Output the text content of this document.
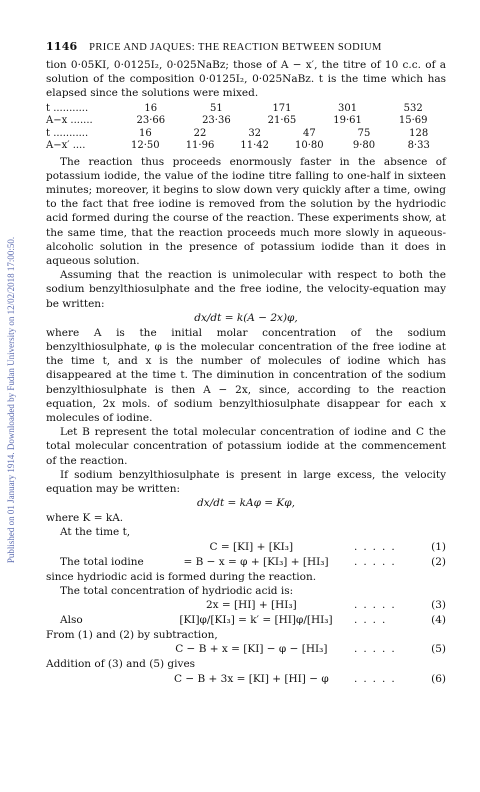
Published on 01 January 1914. Downloaded by Fudan University on 12/02/2018 17:00:50.
1146 PRICE AND JAQUES: THE REACTION BETWEEN SODIUM

tion 0·05KI, 0·0125I₂, 0·025NaBz; those of A − x′, the titre of 10 c.c. of a solution of the composition 0·0125I₂, 0·025NaBz. t is the time which has elapsed since the solutions were mixed.

t ...........	16	51	171	301	532
A−x .......	23·66	23·36	21·65	19·61	15·69
t ...........	16	22	32	47	75	128
A−x′ ....	12·50	11·96	11·42	10·80	9·80	8·33

The reaction thus proceeds enormously faster in the absence of potassium iodide, the value of the iodine titre falling to one-half in sixteen minutes; moreover, it begins to slow down very quickly after a time, owing to the fact that free iodine is removed from the solution by the hydriodic acid formed during the course of the reaction. These experiments show, at the same time, that the reaction proceeds much more slowly in aqueous-alcoholic solution in the presence of potassium iodide than it does in aqueous solution.

Assuming that the reaction is unimolecular with respect to both the sodium benzylthiosulphate and the free iodine, the velocity-equation may be written:

dx/dt = k(A − 2x)φ,

where A is the initial molar concentration of the sodium benzylthiosulphate, φ is the molecular concentration of the free iodine at the time t, and x is the number of molecules of iodine which has disappeared at the time t. The diminution in concentration of the sodium benzylthiosulphate is then A − 2x, since, according to the reaction equation, 2x mols. of sodium benzylthiosulphate disappear for each x molecules of iodine.

Let B represent the total molecular concentration of iodine and C the total molecular concentration of potassium iodide at the commencement of the reaction.

If sodium benzylthiosulphate is present in large excess, the velocity equation may be written:

dx/dt = kAφ = Kφ,

where K = kA.

At the time t,

C = [KI] + [KI₃]	.....	(1)
The total iodine	= B − x = φ + [KI₃] + [HI₃]	.....	(2)

since hydriodic acid is formed during the reaction.

The total concentration of hydriodic acid is:

2x = [HI] + [HI₃]	.....	(3)
Also	[KI]φ/[KI₃] = k′ = [HI]φ/[HI₃]	....	(4)

From (1) and (2) by subtraction,

C − B + x = [KI] − φ − [HI₃]	.....	(5)

Addition of (3) and (5) gives

C − B + 3x = [KI] + [HI] − φ	.....	(6)
